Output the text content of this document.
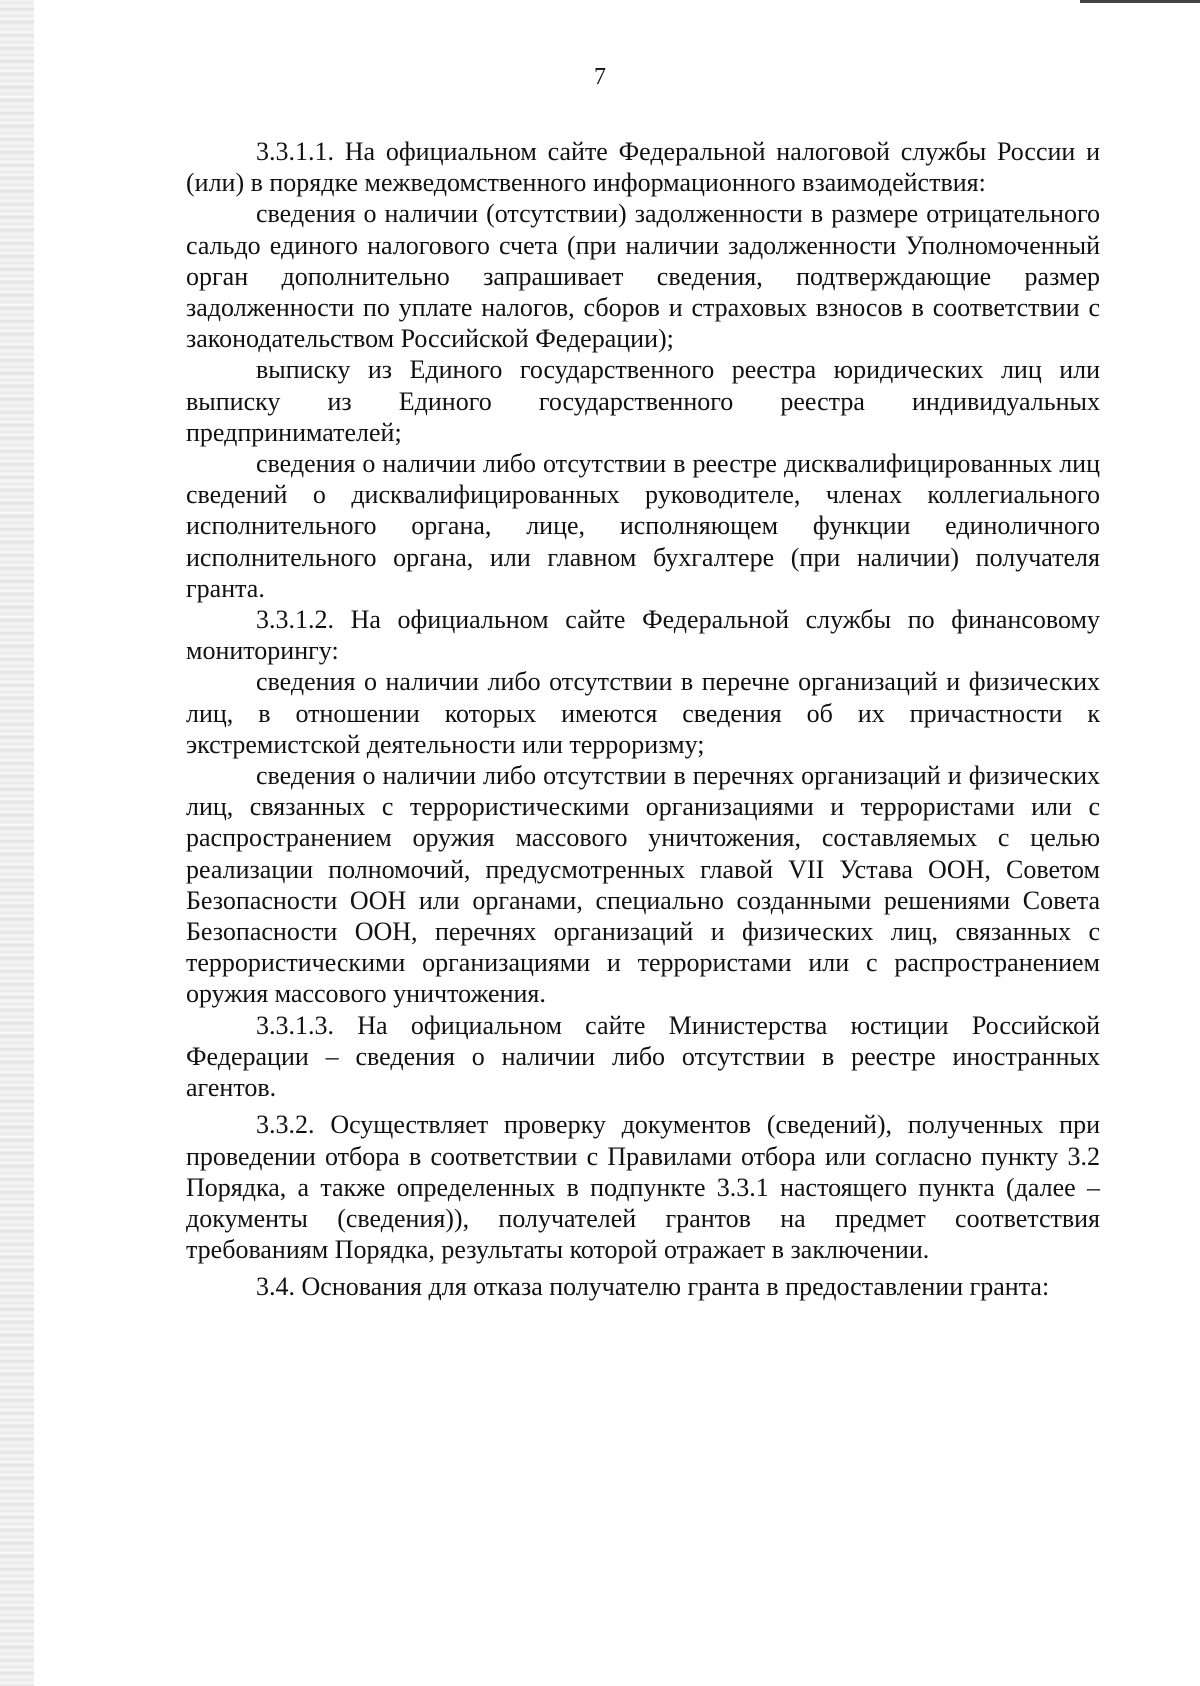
7

3.3.1.1. На официальном сайте Федеральной налоговой службы России и (или) в порядке межведомственного информационного взаимодействия:

сведения о наличии (отсутствии) задолженности в размере отрицательного сальдо единого налогового счета (при наличии задолженности Уполномоченный орган дополнительно запрашивает сведения, подтверждающие размер задолженности по уплате налогов, сборов и страховых взносов в соответствии с законодательством Российской Федерации);

выписку из Единого государственного реестра юридических лиц или выписку из Единого государственного реестра индивидуальных предпринимателей;

сведения о наличии либо отсутствии в реестре дисквалифицированных лиц сведений о дисквалифицированных руководителе, членах коллегиального исполнительного органа, лице, исполняющем функции единоличного исполнительного органа, или главном бухгалтере (при наличии) получателя гранта.

3.3.1.2. На официальном сайте Федеральной службы по финансовому мониторингу:

сведения о наличии либо отсутствии в перечне организаций и физических лиц, в отношении которых имеются сведения об их причастности к экстремистской деятельности или терроризму;

сведения о наличии либо отсутствии в перечнях организаций и физических лиц, связанных с террористическими организациями и террористами или с распространением оружия массового уничтожения, составляемых с целью реализации полномочий, предусмотренных главой VII Устава ООН, Советом Безопасности ООН или органами, специально созданными решениями Совета Безопасности ООН, перечнях организаций и физических лиц, связанных с террористическими организациями и террористами или с распространением оружия массового уничтожения.

3.3.1.3. На официальном сайте Министерства юстиции Российской Федерации – сведения о наличии либо отсутствии в реестре иностранных агентов.

3.3.2. Осуществляет проверку документов (сведений), полученных при проведении отбора в соответствии с Правилами отбора или согласно пункту 3.2 Порядка, а также определенных в подпункте 3.3.1 настоящего пункта (далее – документы (сведения)), получателей грантов на предмет соответствия требованиям Порядка, результаты которой отражает в заключении.

3.4. Основания для отказа получателю гранта в предоставлении гранта:
